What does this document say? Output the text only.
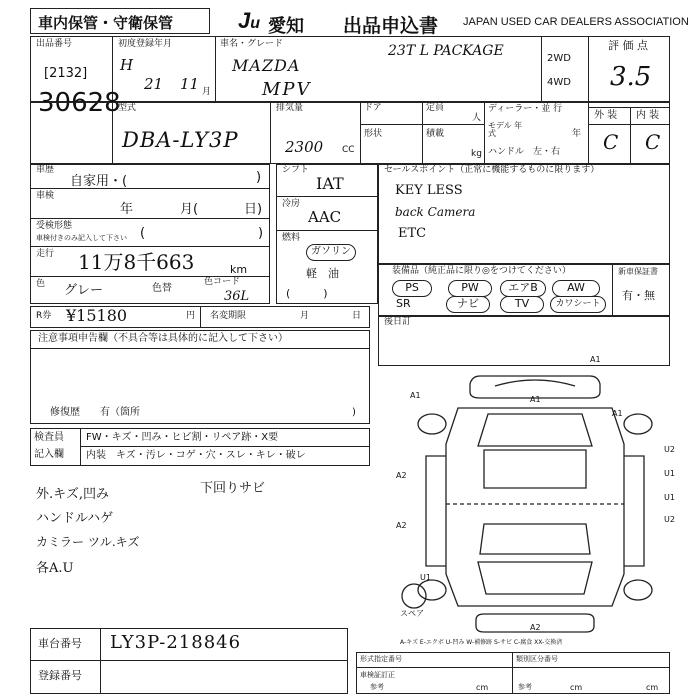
車内保管・守衛保管	Ju 愛知 出品申込書 JAPAN USED CAR DEALERS ASSOCIATION
出品番号
[2132]
30628
初度登録年月
H
21 11 月
車名・グレード
MAZDA
MPV
23T L PACKAGE	2WD
4WD
評 価 点
3.5
外 装 内 装
C C
型式
DBA-LY3P
排気量
2300 CC
ドア	定員
人
形状	積載
kg
ディーラー・並 行
モデル 年式	年
ハンドル　左・右
車歴
自家用・(	)
車検
年	月(	日)
受検形態
車検付きのみ記入して下さい (	)
走行 11万8千663	km
色 グレー	色替
色コード
36L
シフト
IAT
冷房
AAC
燃料
ガソリン
軽　油
(　　　)
セールスポイント（正常に機能するものに限ります）
KEY LESS
back Camera
ETC
装備品（純正品に限り◎をつけてください）
PS	PW	エアB	AW
SR	ナビ	TV	カワシート
新車保証書
有・無
R券 ¥15180	円 名変期限	月	日
後日訂
注意事項申告欄（不具合等は具体的に記入して下さい）
修復歴　　有（箇所	)
検査員
記入欄
FW・キズ・凹み・ヒビ割・リペア跡・X要
内装 キズ・汚レ・コゲ・穴・スレ・キレ・破レ
外.キズ,凹み	下回りサビ
ハンドルハゲ
カミラー ツル.キズ
各A.U
A1
A1	A1
A1
U2
A2	U1
U1
A2
A2
U2
U1
スペア
A-キズ E-エクボ U-凹み W-補修跡 S-サビ C-腐食 XX-交換済
車台番号 LY3P-218846
登録番号
形式指定番号	類別区分番号
車検証訂正
参考	cm	参考	cm	cm
